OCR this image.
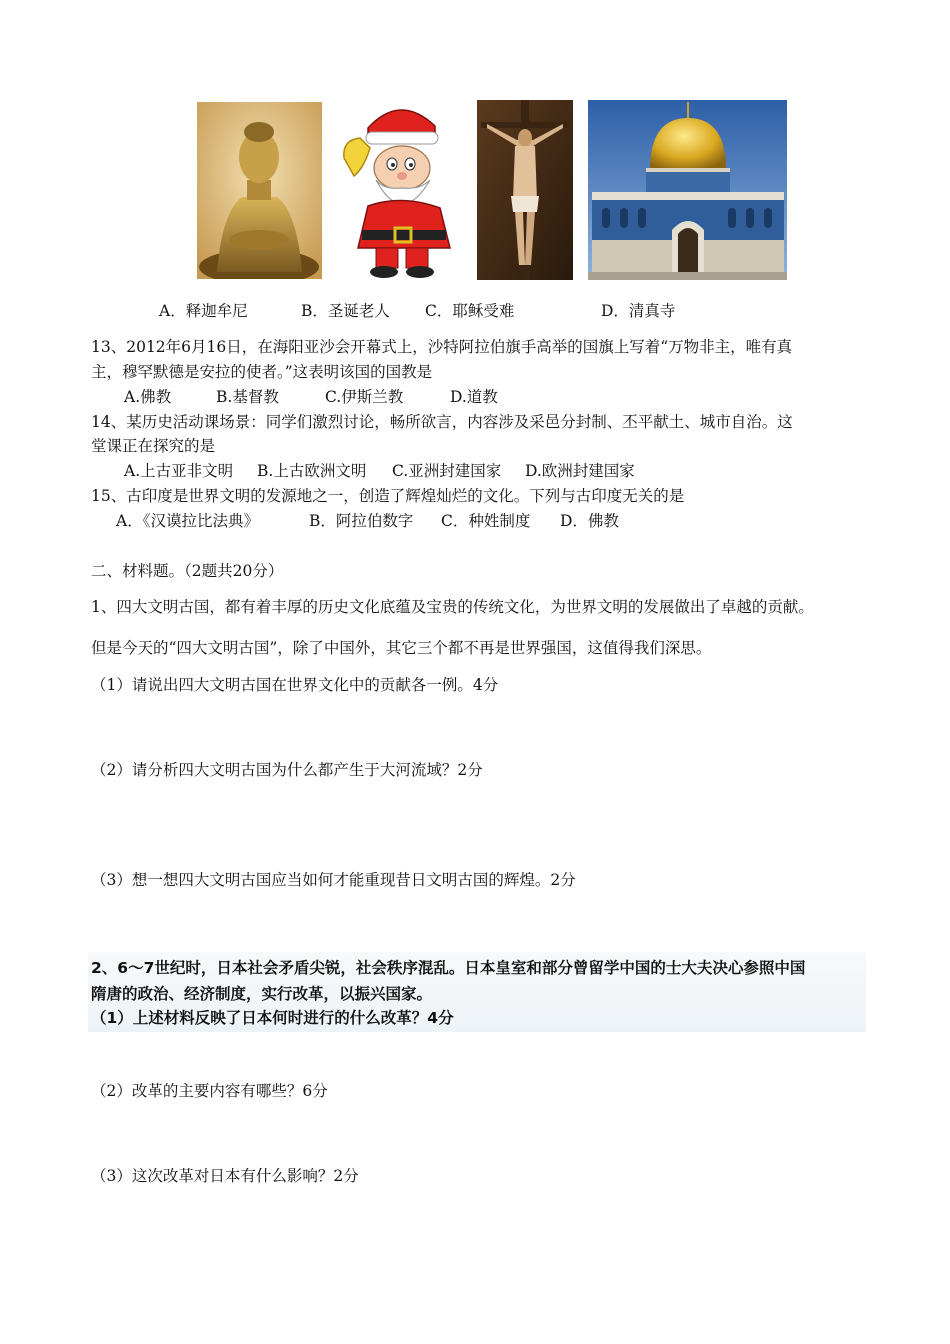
A．释迦牟尼	B．圣诞老人 C．耶稣受难	D．清真寺
13、2012年6月16日，在海阳亚沙会开幕式上，沙特阿拉伯旗手高举的国旗上写着“万物非主，唯有真
主，穆罕默德是安拉的使者。”这表明该国的国教是
A.佛教	B.基督教	C.伊斯兰教	D.道教
14、某历史活动课场景：同学们激烈讨论，畅所欲言，内容涉及采邑分封制、丕平献土、城市自治。这
堂课正在探究的是
A.上古亚非文明 B.上古欧洲文明 C.亚洲封建国家 D.欧洲封建国家
15、古印度是世界文明的发源地之一，创造了辉煌灿烂的文化。下列与古印度无关的是
A．《汉谟拉比法典》	B．阿拉伯数字 C．种姓制度 D．佛教
二、材料题。（2题共20分）
1、四大文明古国，都有着丰厚的历史文化底蕴及宝贵的传统文化，为世界文明的发展做出了卓越的贡献。
但是今天的“四大文明古国”，除了中国外，其它三个都不再是世界强国，这值得我们深思。
（1）请说出四大文明古国在世界文化中的贡献各一例。4分
（2）请分析四大文明古国为什么都产生于大河流域？2分
（3）想一想四大文明古国应当如何才能重现昔日文明古国的辉煌。2分
2、6～7世纪时，日本社会矛盾尖锐，社会秩序混乱。日本皇室和部分曾留学中国的士大夫决心参照中国
隋唐的政治、经济制度，实行改革，以振兴国家。
（1）上述材料反映了日本何时进行的什么改革？4分
（2）改革的主要内容有哪些？6分
（3）这次改革对日本有什么影响？2分
